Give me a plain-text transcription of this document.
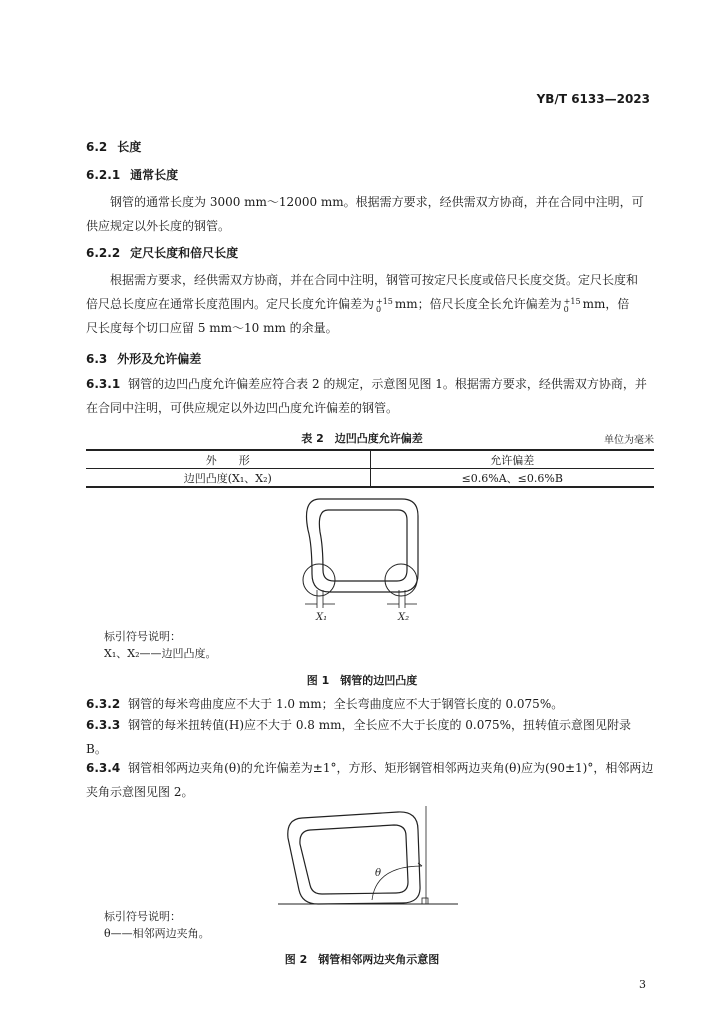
YB/T 6133—2023
6.2 长度
6.2.1 通常长度
钢管的通常长度为 3000 mm～12000 mm。根据需方要求，经供需双方协商，并在合同中注明，可供应规定以外长度的钢管。
6.2.2 定尺长度和倍尺长度
根据需方要求，经供需双方协商，并在合同中注明，钢管可按定尺长度或倍尺长度交货。定尺长度和
倍尺总长度应在通常长度范围内。定尺长度允许偏差为 +15
0	mm；倍尺长度全长允许偏差为 +15
0	mm，倍
尺长度每个切口应留 5 mm～10 mm 的余量。
6.3 外形及允许偏差
6.3.1 钢管的边凹凸度允许偏差应符合表 2 的规定，示意图见图 1。根据需方要求，经供需双方协商，并在合同中注明，可供应规定以外边凹凸度允许偏差的钢管。
表 2　边凹凸度允许偏差	单位为毫米
外　　形	允许偏差
边凹凸度(X₁、X₂)	≤0.6%A、≤0.6%B
X₁	X₂
标引符号说明：
X₁、X₂——边凹凸度。
图 1　钢管的边凹凸度
6.3.2 钢管的每米弯曲度应不大于 1.0 mm；全长弯曲度应不大于钢管长度的 0.075%。
6.3.3 钢管的每米扭转值(H)应不大于 0.8 mm，全长应不大于长度的 0.075%，扭转值示意图见附录 B。
6.3.4 钢管相邻两边夹角(θ)的允许偏差为±1°，方形、矩形钢管相邻两边夹角(θ)应为(90±1)°，相邻两边夹角示意图见图 2。
θ
标引符号说明：
θ——相邻两边夹角。
图 2　钢管相邻两边夹角示意图
3
